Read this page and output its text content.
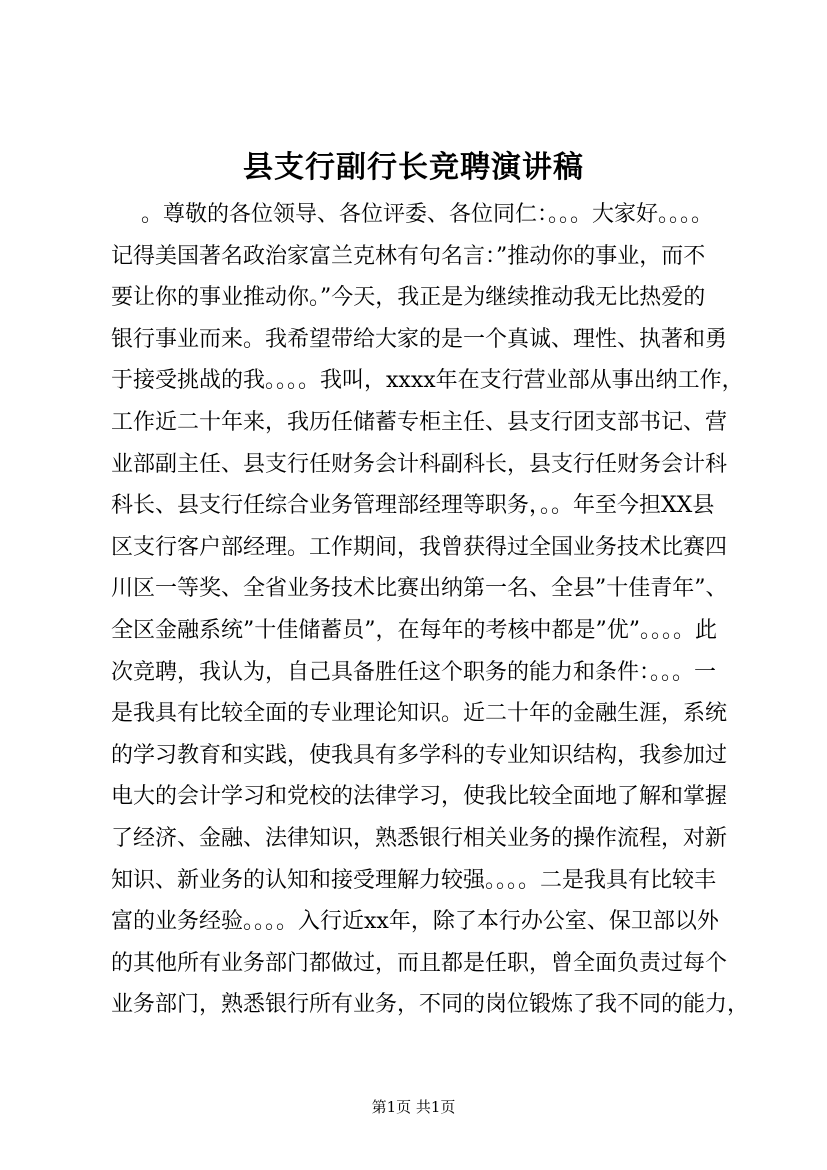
县支行副行长竞聘演讲稿
。尊敬的各位领导、各位评委、各位同仁：。。。大家好。。。。
记得美国著名政治家富兰克林有句名言：”推动你的事业，而不
要让你的事业推动你。”今天，我正是为继续推动我无比热爱的
银行事业而来。我希望带给大家的是一个真诚、理性、执著和勇
于接受挑战的我。。。。我叫，xxxx年在支行营业部从事出纳工作，
工作近二十年来，我历任储蓄专柜主任、县支行团支部书记、营
业部副主任、县支行任财务会计科副科长，县支行任财务会计科
科长、县支行任综合业务管理部经理等职务，。。年至今担XX县
区支行客户部经理。工作期间，我曾获得过全国业务技术比赛四
川区一等奖、全省业务技术比赛出纳第一名、全县”十佳青年”、
全区金融系统”十佳储蓄员”，在每年的考核中都是”优”。。。。此
次竞聘，我认为，自己具备胜任这个职务的能力和条件：。。。一
是我具有比较全面的专业理论知识。近二十年的金融生涯，系统
的学习教育和实践，使我具有多学科的专业知识结构，我参加过
电大的会计学习和党校的法律学习，使我比较全面地了解和掌握
了经济、金融、法律知识，熟悉银行相关业务的操作流程，对新
知识、新业务的认知和接受理解力较强。。。。二是我具有比较丰
富的业务经验。。。。入行近xx年，除了本行办公室、保卫部以外
的其他所有业务部门都做过，而且都是任职，曾全面负责过每个
业务部门，熟悉银行所有业务，不同的岗位锻炼了我不同的能力，
第1页 共1页
